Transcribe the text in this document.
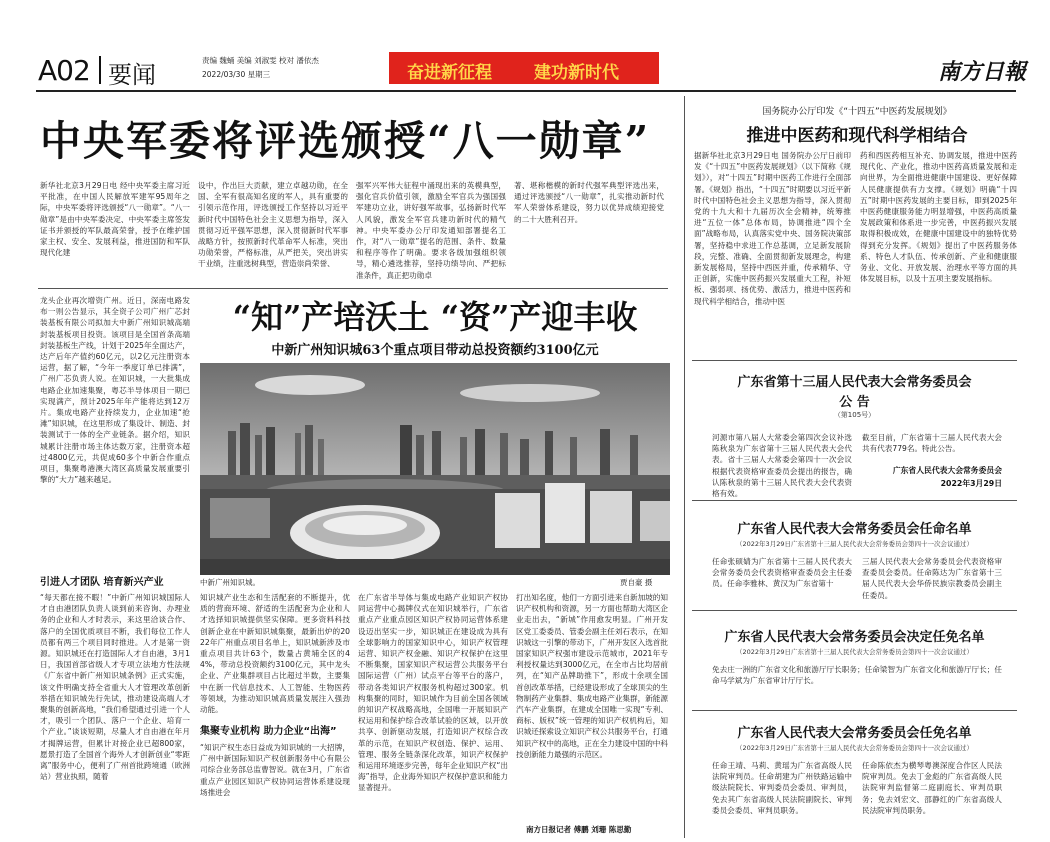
A02 要闻
责编 魏蛹 美编 刘淑雯 校对 潘依杰
2022/03/30 星期三	奋进新征程 建功新时代	南方日報
中央军委将评选颁授“八一勋章”
新华社北京3月29日电 经中央军委主席习近平批准，在中国人民解放军建军95周年之际，中央军委将评选颁授“八一勋章”。“八一勋章”是由中央军委决定、中央军委主席签发证书并颁授的军队最高荣誉，授予在维护国家主权、安全、发展利益，推进国防和军队现代化建
设中，作出巨大贡献，建立卓越功勋，在全国、全军有很高知名度的军人，具有重要的引领示范作用，评选颁授工作坚持以习近平新时代中国特色社会主义思想为指导，深入贯彻习近平强军思想，深入贯彻新时代军事战略方针，按照新时代革命军人标准，突出功勋荣誉，严格标准，从严把关，突出讲实干业绩，注重选树典型，营造崇尚荣誉、
强军兴军伟大征程中涌现出来的英模典型，强化官兵价值引领，激励全军官兵为强国强军建功立业，讲好强军故事，弘扬新时代军人风貌，激发全军官兵建功新时代的精气神。中央军委办公厅印发通知部署提名工作，对“八一勋章”提名的范围、条件、数量和程序等作了明确。要求各级加强组织领导，精心遴选推荐，坚持功绩导向、严把标准条件，真正把功勋卓
著、堪称楷模的新时代强军典型评选出来，通过评选颁授“八一勋章”，扎实推动新时代军人荣誉体系建设，努力以优异成绩迎接党的二十大胜利召开。
龙头企业再次增资广州。近日，深南电路发布一则公告显示，其全资子公司广州广芯封装基板有限公司拟加大中新广州知识城高端封装基板项目投资。该项目是全国首条高端封装基板生产线，计划于2025年全面达产，达产后年产值约60亿元，以2亿元注册资本运营，据了解，“今年一季度订单已排满”，广州广芯负责人说。在知识城，一大批集成电路企业加速集聚，粤芯半导体项目一期已实现满产，预计2025年年产能将达到12万片。集成电路产业持续发力，企业加速“抢滩”知识城，在这里形成了集设计、制造、封装测试于一体的全产业链条。据介绍，知识城累计注册市场主体达数万家，注册资本超过4800亿元，共促成60多个中新合作重点项目，集聚粤港澳大湾区高质量发展重要引擎的“大力”越来越足。
引进人才团队 培育新兴产业
“每天都在接不暇！”中新广州知识城国际人才自由港团队负责人谈到前来咨询、办理业务的企业和人才时表示，来这里洽谈合作、落户的全国优质项目不断，我们每位工作人员都有两三个项目同时推进。人才是第一资源。知识城还在打造国际人才自由港，3月1日，我国首部省级人才专项立法地方性法规《广东省中新广州知识城条例》正式实施，该文件明确支持全省重大人才管理改革创新举措在知识城先行先试，推动建设高端人才聚集的创新高地，“我们希望通过引进一个人才，吸引一个团队、落户一个企业、培育一个产业。”谈谈短期，尽量人才自由港在年月才揭牌运营，但累计对接企业已超800家，愿景打造了全国首个海外人才创新创业“零距离”服务中心，便利了广州首批跨境通（欧洲站）营业执照，随着
“知”产培沃土 “资”产迎丰收
中新广州知识城63个重点项目带动总投资额约3100亿元
中新广州知识城。	贾自豪 摄
知识城产业生态和生活配套的不断提升，优质的营商环境、舒适的生活配套为企业和人才选择知识城提供坚实保障。更多资料科技创新企业在中新知识城集聚，最新出炉的2022年广州重点项目名单上，知识城新涉及市重点项目共计63个，数量占黄埔全区的44%，带动总投资额约3100亿元，其中龙头企业、产业集群项目占比超过半数，主要集中在新一代信息技术、人工智能、生物医药等领域，为推动知识城高质量发展注入强劲动能。
集聚专业机构 助力企业“出海”
“知识产权生态日益成为知识城的一大招牌，广州中新国际知识产权创新服务中心有限公司综合业务部总监曹智说。就在3月，广东省重点产业园区知识产权协同运营体系建设现场推进会
在广东省半导体与集成电路产业知识产权协同运营中心揭牌仪式在知识城举行，广东省重点产业重点园区知识产权协同运营体系建设迈出坚实一步，知识城正在建设成为具有全球影响力的国家知识中心，知识产权管理运营、知识产权金融、知识产权保护在这里不断集聚，国家知识产权运营公共服务平台国际运营（广州）试点平台等平台的落户，带动各类知识产权服务机构超过300家。机构集聚的同时，知识城作为目前全国各领域的知识产权战略高地，全国唯一开展知识产权运用和保护综合改革试验的区域，以开放共享、创新驱动发展，打造知识产权综合改革的示范，在知识产权创造、保护、运用、管理、服务全链条深化改革，知识产权保护和运用环境逐步完善，每年企业知识产权“出海”指导，企业海外知识产权保护意识和能力显著提升。
打出知名度，他们一方面引进来自新加坡的知识产权机构和资源，另一方面也帮助大湾区企业走出去，“新城”作用愈发明显。广州开发区党工委委员、管委会副主任刘石表示，在知识城这一引擎的带动下，广州开发区入选首批国家知识产权强市建设示范城市，2021年专利授权量达到3000亿元，在全市占比均居前列，在“知产品牌助推下”，形成十余项全国首创改革举措，已经建设形成了全球顶尖的生物制药产业集群、集成电路产业集群，新能源汽车产业集群，在建成全国唯一实现“专利、商标、版权”统一管理的知识产权机构后，知识城还探索设立知识产权公共服务平台，打通知识产权中的高地，正在全力建设中国的中科技创新能力最强的示范区。
南方日报记者 傅鹏 刘珊 陈思勤
国务院办公厅印发《“十四五”中医药发展规划》
推进中医药和现代科学相结合
据新华社北京3月29日电 国务院办公厅日前印发《“十四五”中医药发展规划》（以下简称《规划》），对“十四五”时期中医药工作进行全面部署。《规划》指出，“十四五”时期要以习近平新时代中国特色社会主义思想为指导，深入贯彻党的十九大和十九届历次全会精神，统筹推进“五位一体”总体布局，协调推进“四个全面”战略布局，认真落实党中央、国务院决策部署，坚持稳中求进工作总基调，立足新发展阶段，完整、准确、全面贯彻新发展理念，构建新发展格局，坚持中西医并重，传承精华、守正创新，实施中医药振兴发展重大工程，补短板、强弱项、扬优势、激活力，推进中医药和现代科学相结合，推动中医
药和西医药相互补充、协调发展，推进中医药现代化、产业化，推动中医药高质量发展和走向世界，为全面推进健康中国建设、更好保障人民健康提供有力支撑。《规划》明确“十四五”时期中医药发展的主要目标，即到2025年中医药健康服务能力明显增强，中医药高质量发展政策和体系进一步完善，中医药振兴发展取得积极成效，在健康中国建设中的独特优势得到充分发挥。《规划》提出了中医药服务体系、特色人才队伍、传承创新、产业和健康服务业、文化、开放发展、治理水平等方面的具体发展目标，以及十五项主要发展指标。
广东省第十三届人民代表大会常务委员会
公 告
（第105号）
河源市第八届人大常委会第四次会议补选陈秋泉为广东省第十三届人民代表大会代表。省十三届人大常委会第四十一次会议根据代表资格审查委员会提出的报告，确认陈秋泉的第十三届人民代表大会代表资格有效。
截至目前，广东省第十三届人民代表大会共有代表779名。特此公告。
广东省人民代表大会常务委员会
2022年3月29日
广东省人民代表大会常务委员会任命名单
（2022年3月29日广东省第十三届人民代表大会常务委员会第四十一次会议通过）
任命张硕婧为广东省第十三届人民代表大会常务委员会代表资格审查委员会主任委员。任命李雅林、黄汉为广东省第十
三届人民代表大会常务委员会代表资格审查委员会委员。任命陈达为广东省第十三届人民代表大会华侨民族宗教委员会副主任委员。
广东省人民代表大会常务委员会决定任免名单
（2022年3月29日广东省第十三届人民代表大会常务委员会第四十一次会议通过）
免去庄一洲的广东省文化和旅游厅厅长职务；任命梁智为广东省文化和旅游厅厅长；任命马学斌为广东省审计厅厅长。
广东省人民代表大会常务委员会任免名单
（2022年3月29日广东省第十三届人民代表大会常务委员会第四十一次会议通过）
任命王靖、马莉、黄瑶为广东省高级人民法院审判员。任命胡建为广州铁路运输中级法院院长、审判委员会委员、审判员，免去其广东省高级人民法院副院长、审判委员会委员、审判员职务。
任命陈依杰为横琴粤澳深度合作区人民法院审判员。免去丁金彪的广东省高级人民法院审判监督第二庭副庭长、审判员职务；免去刘宏文、邵静红的广东省高级人民法院审判员职务。
